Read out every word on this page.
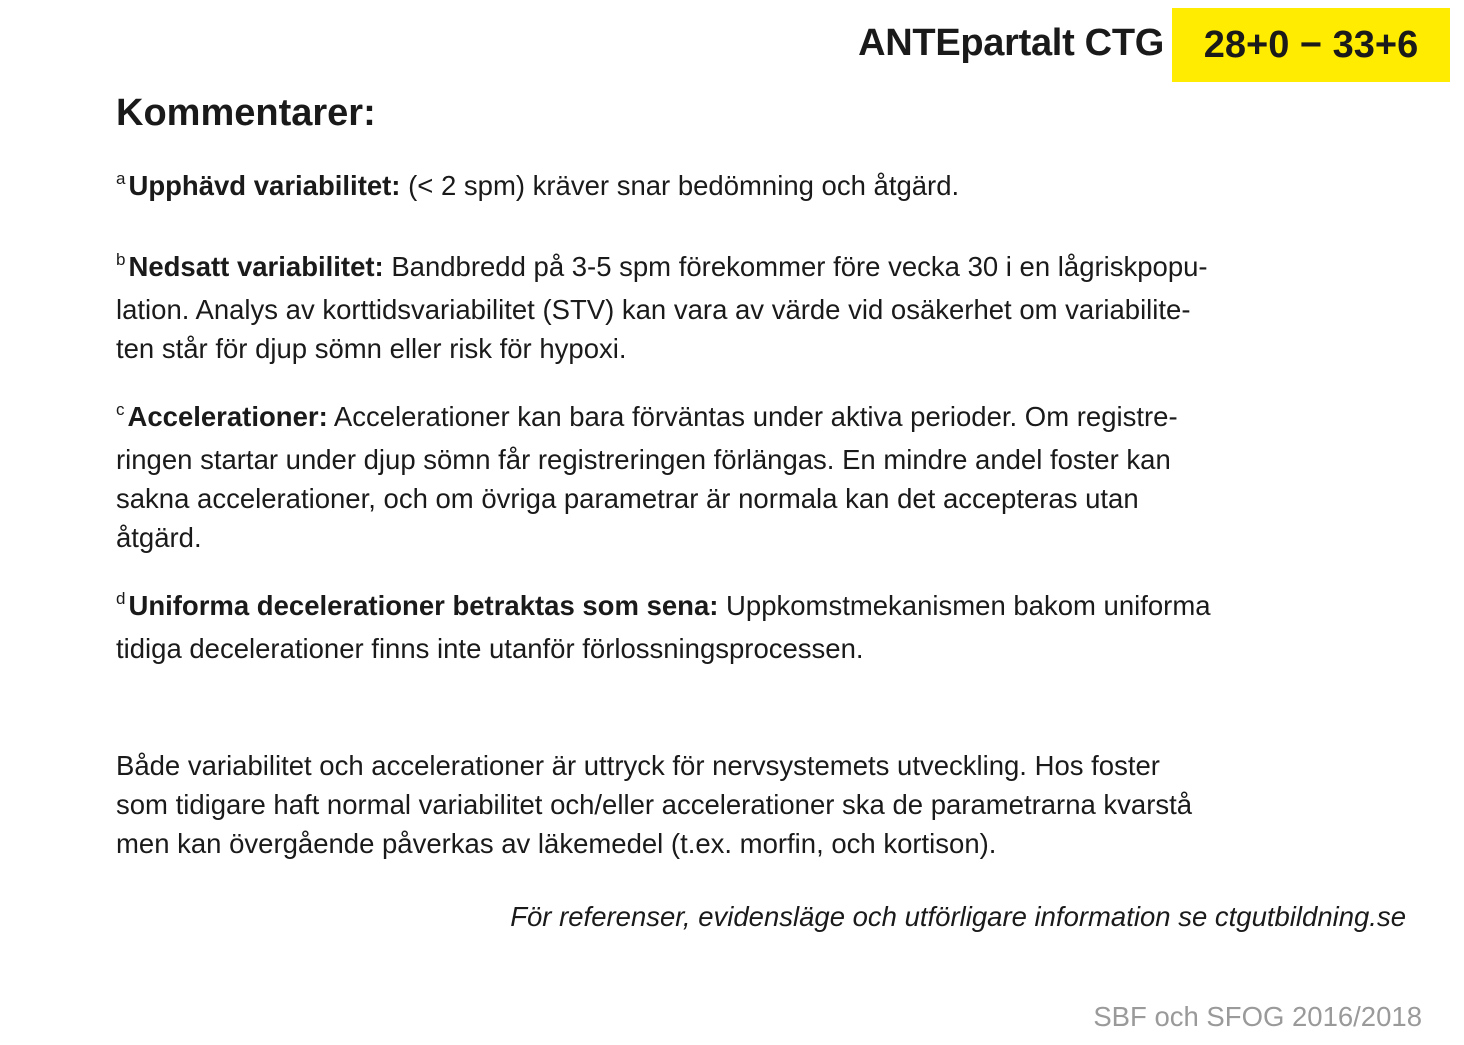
ANTEpartalt CTG	28+0 − 33+6
Kommentarer:

$^a$ Upphävd variabilitet: (< 2 spm) kräver snar bedömning och åtgärd.

$^b$ Nedsatt variabilitet: Bandbredd på 3-5 spm förekommer före vecka 30 i en lågriskpopu-
lation. Analys av korttidsvariabilitet (STV) kan vara av värde vid osäkerhet om variabilite-
ten står för djup sömn eller risk för hypoxi.

$^c$ Accelerationer: Accelerationer kan bara förväntas under aktiva perioder. Om registre-
ringen startar under djup sömn får registreringen förlängas. En mindre andel foster kan
sakna accelerationer, och om övriga parametrar är normala kan det accepteras utan
åtgärd.

$^d$ Uniforma decelerationer betraktas som sena: Uppkomstmekanismen bakom uniforma
tidiga decelerationer finns inte utanför förlossningsprocessen.

Både variabilitet och accelerationer är uttryck för nervsystemets utveckling. Hos foster
som tidigare haft normal variabilitet och/eller accelerationer ska de parametrarna kvarstå
men kan övergående påverkas av läkemedel (t.ex. morfin, och kortison).

För referenser, evidensläge och utförligare information se ctgutbildning.se
SBF och SFOG 2016/2018
